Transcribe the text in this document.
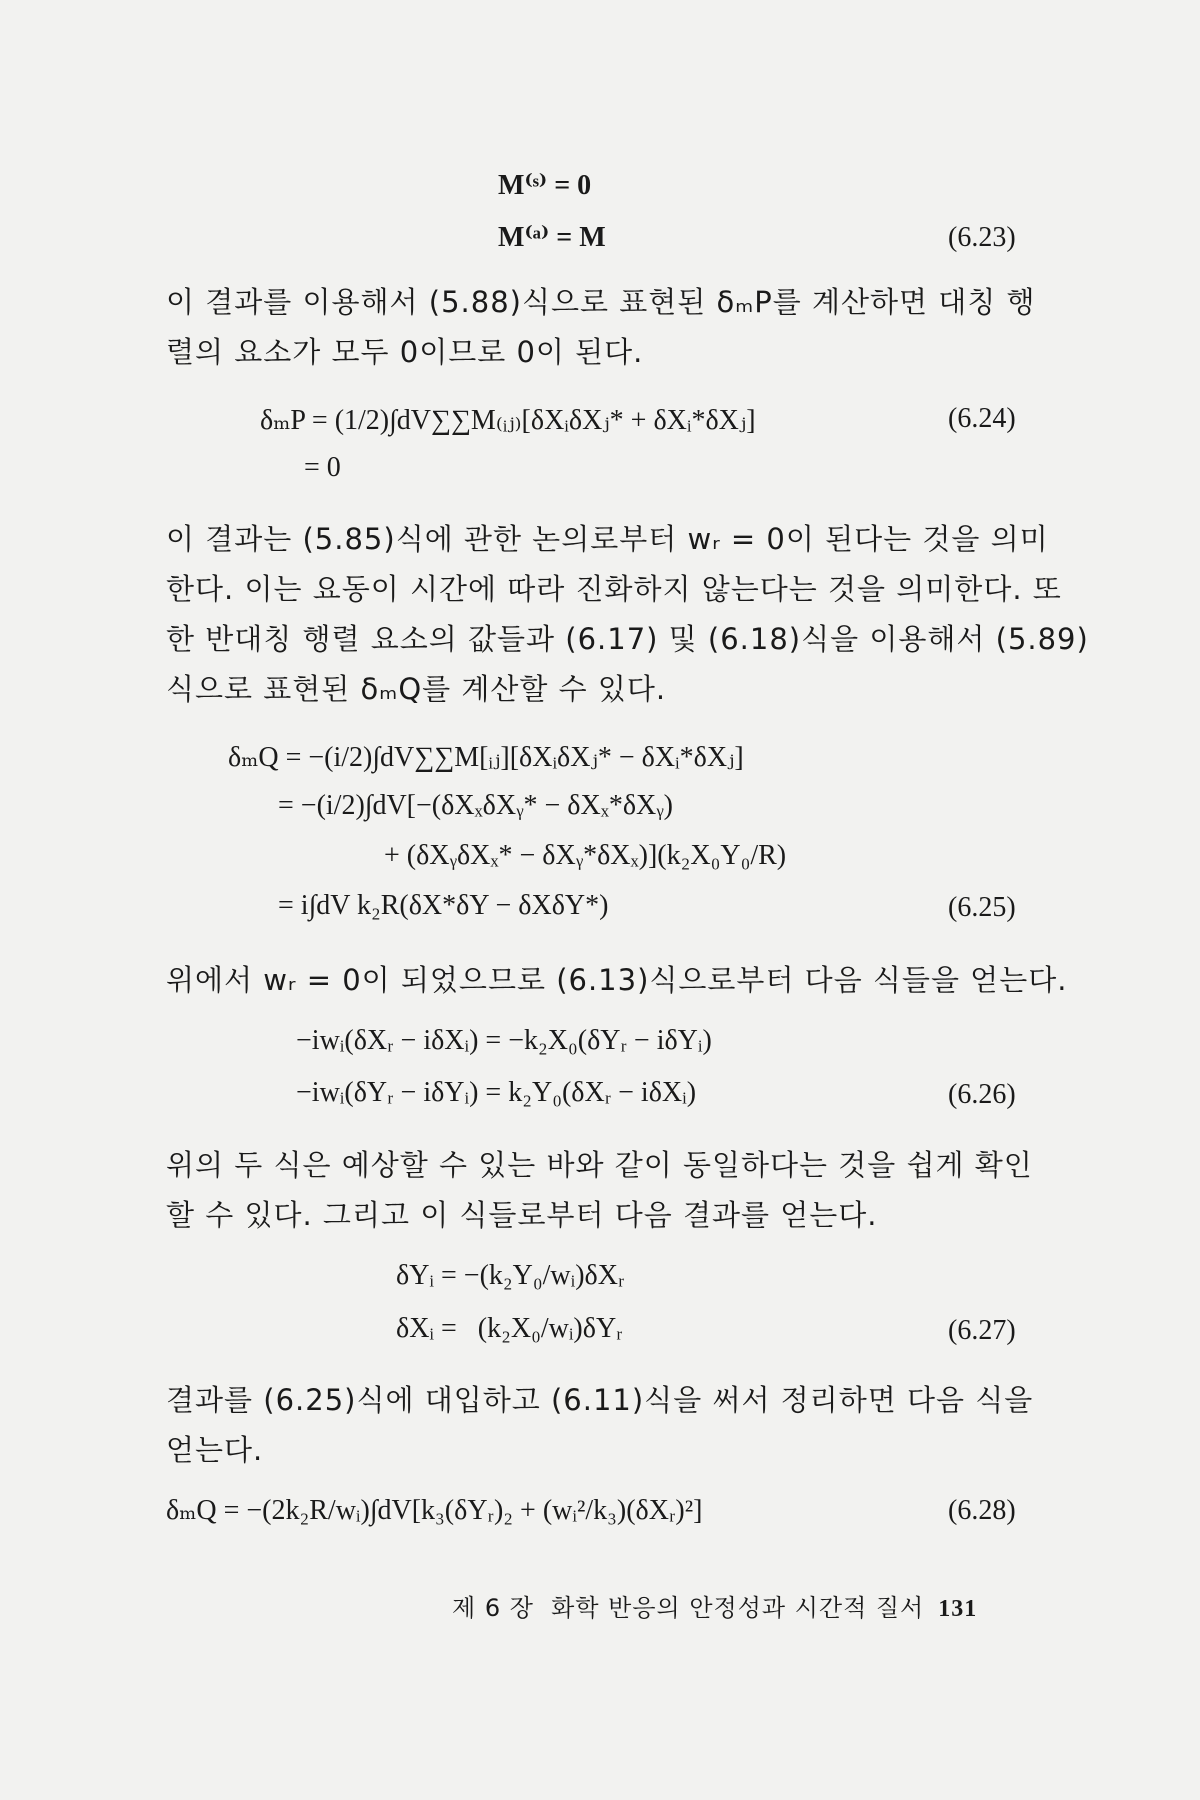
M⁽ˢ⁾ = 0
M⁽ᵃ⁾ = M	(6.23)
이 결과를 이용해서 (5.88)식으로 표현된 δₘP를 계산하면 대칭 행
렬의 요소가 모두 0이므로 0이 된다.
δₘP = (1/2)∫dV∑∑M₍ᵢⱼ₎[δXᵢδXⱼ* + δXᵢ*δXⱼ]	(6.24)
= 0
이 결과는 (5.85)식에 관한 논의로부터 wᵣ = 0이 된다는 것을 의미
한다. 이는 요동이 시간에 따라 진화하지 않는다는 것을 의미한다. 또
한 반대칭 행렬 요소의 값들과 (6.17) 및 (6.18)식을 이용해서 (5.89)
식으로 표현된 δₘQ를 계산할 수 있다.
δₘQ = −(i/2)∫dV∑∑M[ᵢⱼ][δXᵢδXⱼ* − δXᵢ*δXⱼ]
= −(i/2)∫dV[−(δXₓδXᵧ* − δXₓ*δXᵧ)
+ (δXᵧδXₓ* − δXᵧ*δXₓ)](k₂X₀Y₀/R)
= i∫dV k₂R(δX*δY − δXδY*)	(6.25)
위에서 wᵣ = 0이 되었으므로 (6.13)식으로부터 다음 식들을 얻는다.
−iwᵢ(δXᵣ − iδXᵢ) = −k₂X₀(δYᵣ − iδYᵢ)
−iwᵢ(δYᵣ − iδYᵢ) = k₂Y₀(δXᵣ − iδXᵢ)	(6.26)
위의 두 식은 예상할 수 있는 바와 같이 동일하다는 것을 쉽게 확인
할 수 있다. 그리고 이 식들로부터 다음 결과를 얻는다.
δYᵢ = −(k₂Y₀/wᵢ)δXᵣ
δXᵢ =   (k₂X₀/wᵢ)δYᵣ	(6.27)
결과를 (6.25)식에 대입하고 (6.11)식을 써서 정리하면 다음 식을
얻는다.
δₘQ = −(2k₂R/wᵢ)∫dV[k₃(δYᵣ)₂ + (wᵢ²/k₃)(δXᵣ)²]	(6.28)
제 6 장  화학 반응의 안정성과 시간적 질서 131
